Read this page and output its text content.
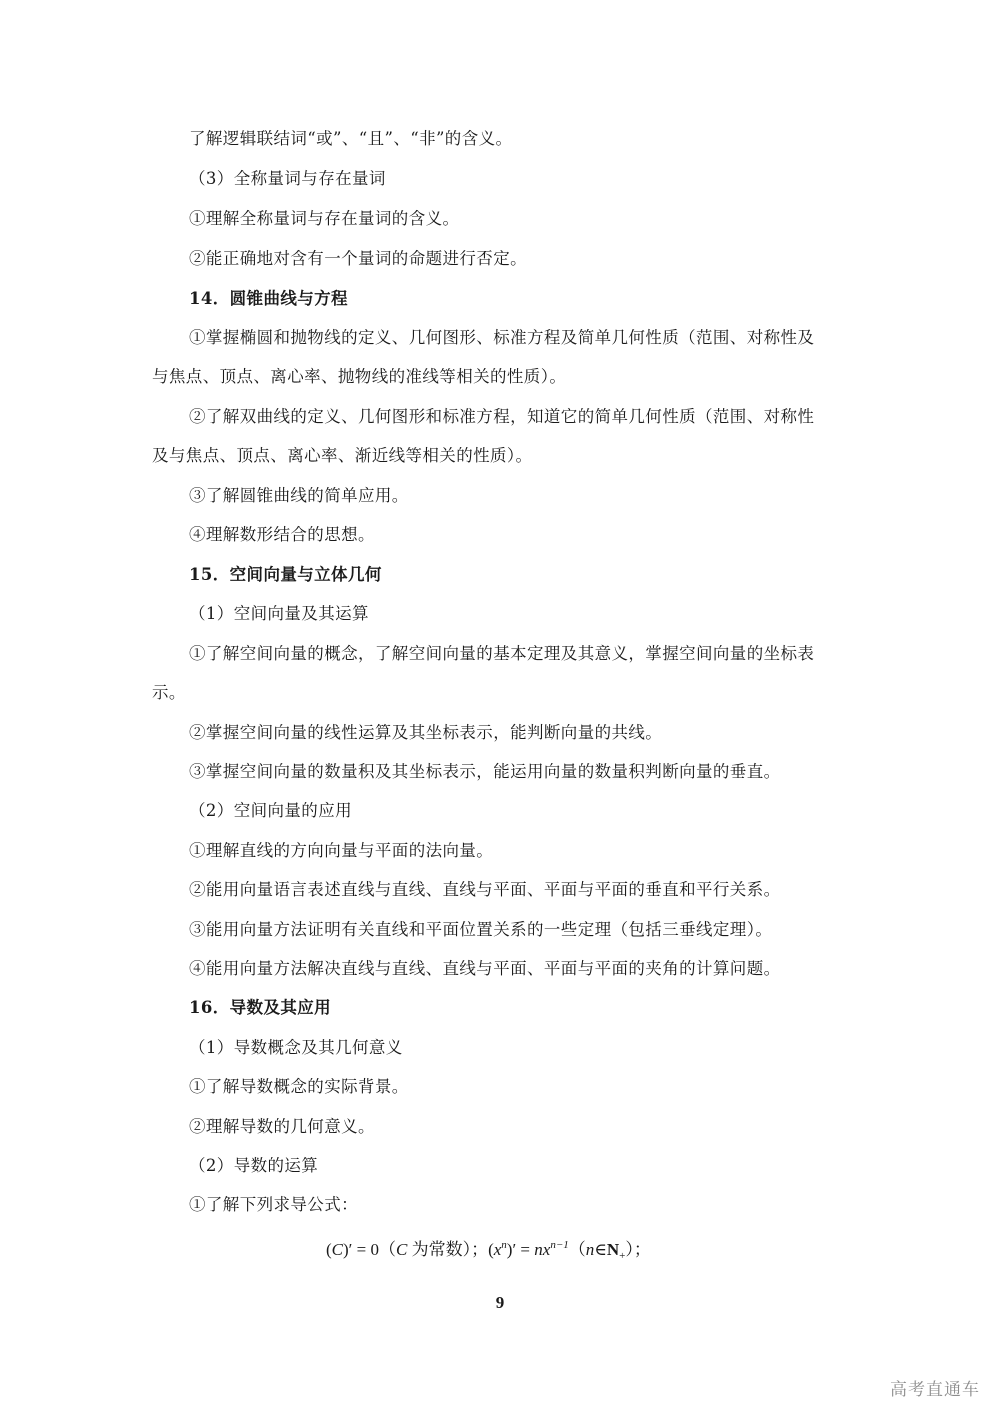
了解逻辑联结词“或”、“且”、“非”的含义。
（3）全称量词与存在量词
①理解全称量词与存在量词的含义。
②能正确地对含有一个量词的命题进行否定。
14．圆锥曲线与方程
①掌握椭圆和抛物线的定义、几何图形、标准方程及简单几何性质（范围、对称性及
与焦点、顶点、离心率、抛物线的准线等相关的性质）。
②了解双曲线的定义、几何图形和标准方程，知道它的简单几何性质（范围、对称性
及与焦点、顶点、离心率、渐近线等相关的性质）。
③了解圆锥曲线的简单应用。
④理解数形结合的思想。
15．空间向量与立体几何
（1）空间向量及其运算
①了解空间向量的概念，了解空间向量的基本定理及其意义，掌握空间向量的坐标表
示。
②掌握空间向量的线性运算及其坐标表示，能判断向量的共线。
③掌握空间向量的数量积及其坐标表示，能运用向量的数量积判断向量的垂直。
（2）空间向量的应用
①理解直线的方向向量与平面的法向量。
②能用向量语言表述直线与直线、直线与平面、平面与平面的垂直和平行关系。
③能用向量方法证明有关直线和平面位置关系的一些定理（包括三垂线定理）。
④能用向量方法解决直线与直线、直线与平面、平面与平面的夹角的计算问题。
16．导数及其应用
（1）导数概念及其几何意义
①了解导数概念的实际背景。
②理解导数的几何意义。
（2）导数的运算
①了解下列求导公式：
(C)′ = 0（C 为常数）；$(x^n)'$ = $nx^{n-1}(n\in N_+)$；
9
高考直通车
